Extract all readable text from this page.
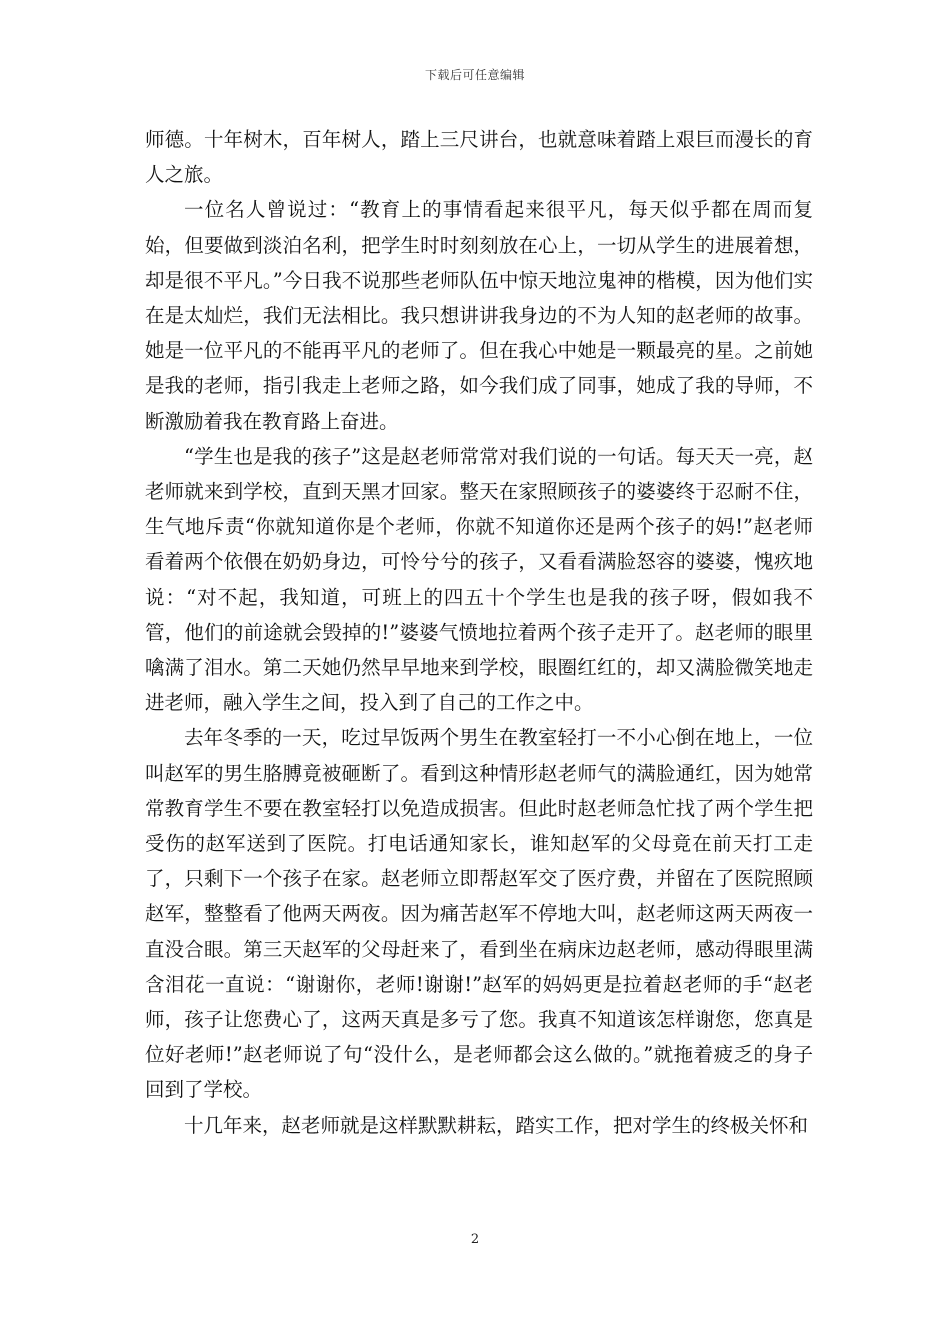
下载后可任意编辑

师德。十年树木，百年树人，踏上三尺讲台，也就意味着踏上艰巨而漫长的育人之旅。

一位名人曾说过：“教育上的事情看起来很平凡，每天似乎都在周而复始，但要做到淡泊名利，把学生时时刻刻放在心上，一切从学生的进展着想，却是很不平凡。”今日我不说那些老师队伍中惊天地泣鬼神的楷模，因为他们实在是太灿烂，我们无法相比。我只想讲讲我身边的不为人知的赵老师的故事。她是一位平凡的不能再平凡的老师了。但在我心中她是一颗最亮的星。之前她是我的老师，指引我走上老师之路，如今我们成了同事，她成了我的导师，不断激励着我在教育路上奋进。

“学生也是我的孩子”这是赵老师常常对我们说的一句话。每天天一亮，赵老师就来到学校，直到天黑才回家。整天在家照顾孩子的婆婆终于忍耐不住，生气地斥责“你就知道你是个老师，你就不知道你还是两个孩子的妈!”赵老师看着两个依偎在奶奶身边，可怜兮兮的孩子，又看看满脸怒容的婆婆，愧疚地说：“对不起，我知道，可班上的四五十个学生也是我的孩子呀，假如我不管，他们的前途就会毁掉的!”婆婆气愤地拉着两个孩子走开了。赵老师的眼里噙满了泪水。第二天她仍然早早地来到学校，眼圈红红的，却又满脸微笑地走进老师，融入学生之间，投入到了自己的工作之中。

去年冬季的一天，吃过早饭两个男生在教室轻打一不小心倒在地上，一位叫赵军的男生胳膊竟被砸断了。看到这种情形赵老师气的满脸通红，因为她常常教育学生不要在教室轻打以免造成损害。但此时赵老师急忙找了两个学生把受伤的赵军送到了医院。打电话通知家长，谁知赵军的父母竟在前天打工走了，只剩下一个孩子在家。赵老师立即帮赵军交了医疗费，并留在了医院照顾赵军，整整看了他两天两夜。因为痛苦赵军不停地大叫，赵老师这两天两夜一直没合眼。第三天赵军的父母赶来了，看到坐在病床边赵老师，感动得眼里满含泪花一直说：“谢谢你，老师!谢谢!”赵军的妈妈更是拉着赵老师的手“赵老师，孩子让您费心了，这两天真是多亏了您。我真不知道该怎样谢您，您真是位好老师!”赵老师说了句“没什么，是老师都会这么做的。”就拖着疲乏的身子回到了学校。

十几年来，赵老师就是这样默默耕耘，踏实工作，把对学生的终极关怀和

2
